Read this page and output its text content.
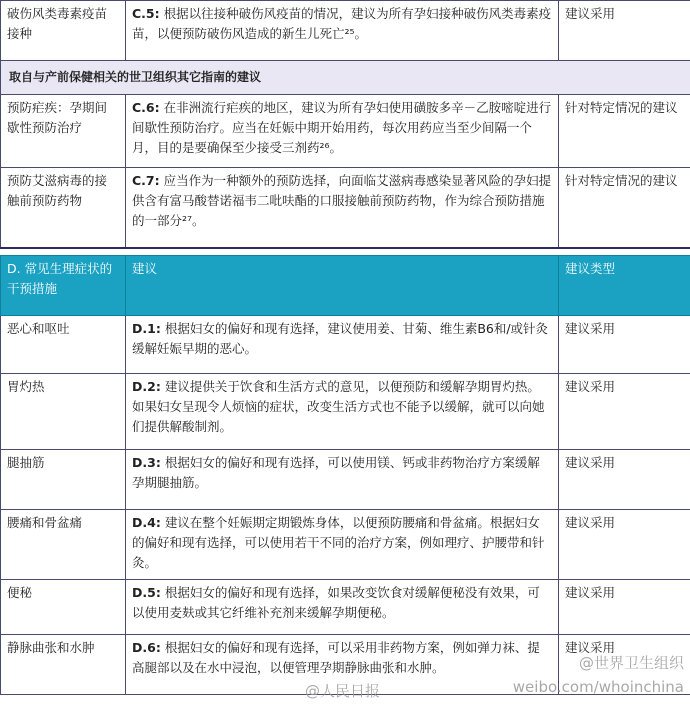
破伤风类毒素疫苗接种	C.5: 根据以往接种破伤风疫苗的情况，建议为所有孕妇接种破伤风类毒素疫苗，以便预防破伤风造成的新生儿死亡²⁵。	建议采用
取自与产前保健相关的世卫组织其它指南的建议		
预防疟疾：孕期间歇性预防治疗	C.6: 在非洲流行疟疾的地区，建议为所有孕妇使用磺胺多辛－乙胺嘧啶进行间歇性预防治疗。应当在妊娠中期开始用药，每次用药应当至少间隔一个月，目的是要确保至少接受三剂药²⁶。	针对特定情况的建议
预防艾滋病毒的接触前预防药物	C.7: 应当作为一种额外的预防选择，向面临艾滋病毒感染显著风险的孕妇提供含有富马酸替诺福韦二吡呋酯的口服接触前预防药物，作为综合预防措施的一部分²⁷。	针对特定情况的建议
D. 常见生理症状的干预措施	建议	建议类型
恶心和呕吐	D.1: 根据妇女的偏好和现有选择，建议使用姜、甘菊、维生素B6和/或针灸缓解妊娠早期的恶心。	建议采用
胃灼热	D.2: 建议提供关于饮食和生活方式的意见，以便预防和缓解孕期胃灼热。如果妇女呈现令人烦恼的症状，改变生活方式也不能予以缓解，就可以向她们提供解酸制剂。	建议采用
腿抽筋	D.3: 根据妇女的偏好和现有选择，可以使用镁、钙或非药物治疗方案缓解孕期腿抽筋。	建议采用
腰痛和骨盆痛	D.4: 建议在整个妊娠期定期锻炼身体，以便预防腰痛和骨盆痛。根据妇女的偏好和现有选择，可以使用若干不同的治疗方案，例如理疗、护腰带和针灸。	建议采用
便秘	D.5: 根据妇女的偏好和现有选择，如果改变饮食对缓解便秘没有效果，可以使用麦麸或其它纤维补充剂来缓解孕期便秘。	建议采用
静脉曲张和水肿	D.6: 根据妇女的偏好和现有选择，可以采用非药物方案，例如弹力袜、提高腿部以及在水中浸泡，以便管理孕期静脉曲张和水肿。	建议采用
@世界卫生组织
weibo.com/whoinchina
@人民日报
